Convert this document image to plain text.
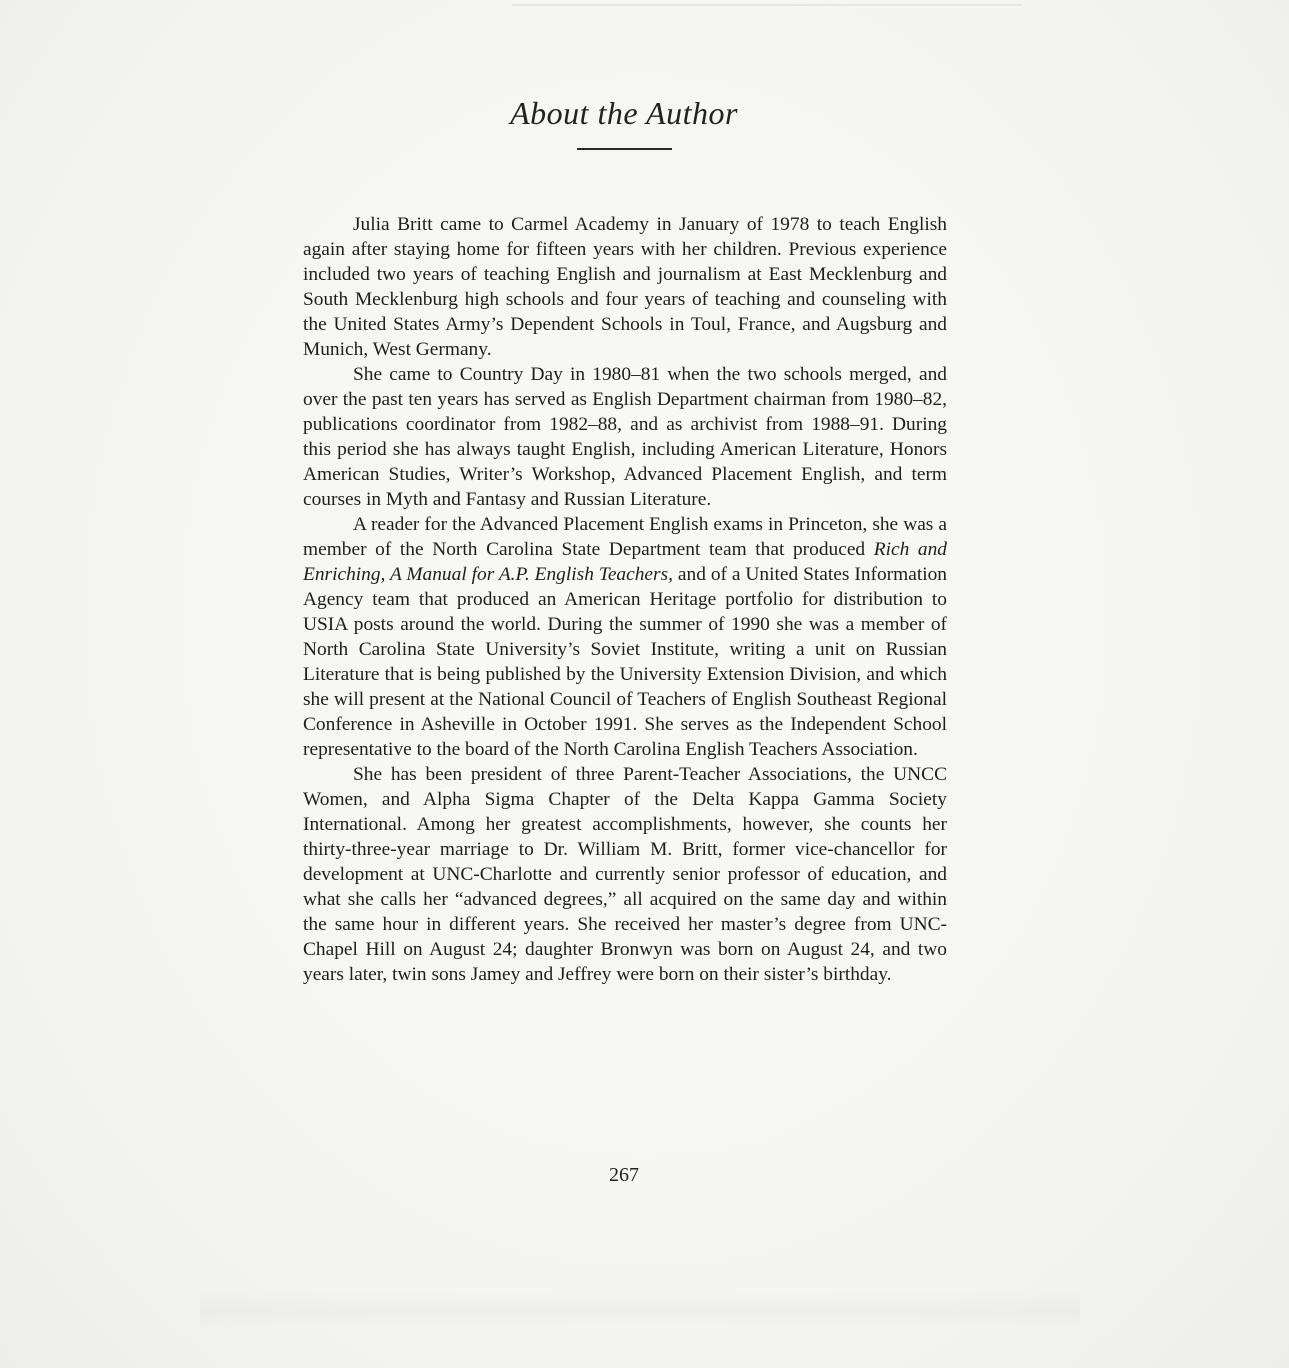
About the Author

Julia Britt came to Carmel Academy in January of 1978 to teach English again after staying home for fifteen years with her children. Previous experience included two years of teaching English and journalism at East Mecklenburg and South Mecklenburg high schools and four years of teaching and counseling with the United States Army’s Dependent Schools in Toul, France, and Augsburg and Munich, West Germany.

She came to Country Day in 1980–81 when the two schools merged, and over the past ten years has served as English Department chairman from 1980–82, publications coordinator from 1982–88, and as archivist from 1988–91. During this period she has always taught English, including American Literature, Honors American Studies, Writer’s Workshop, Advanced Placement English, and term courses in Myth and Fantasy and Russian Literature.

A reader for the Advanced Placement English exams in Princeton, she was a member of the North Carolina State Department team that produced Rich and Enriching, A Manual for A.P. English Teachers, and of a United States Information Agency team that produced an American Heritage portfolio for distribution to USIA posts around the world. During the summer of 1990 she was a member of North Carolina State University’s Soviet Institute, writing a unit on Russian Literature that is being published by the University Extension Division, and which she will present at the National Council of Teachers of English Southeast Regional Conference in Asheville in October 1991. She serves as the Independent School representative to the board of the North Carolina English Teachers Association.

She has been president of three Parent-Teacher Associations, the UNCC Women, and Alpha Sigma Chapter of the Delta Kappa Gamma Society International. Among her greatest accomplishments, however, she counts her thirty-three-year marriage to Dr. William M. Britt, former vice-chancellor for development at UNC-Charlotte and currently senior professor of education, and what she calls her “advanced degrees,” all acquired on the same day and within the same hour in different years. She received her master’s degree from UNC-Chapel Hill on August 24; daughter Bronwyn was born on August 24, and two years later, twin sons Jamey and Jeffrey were born on their sister’s birthday.

267
